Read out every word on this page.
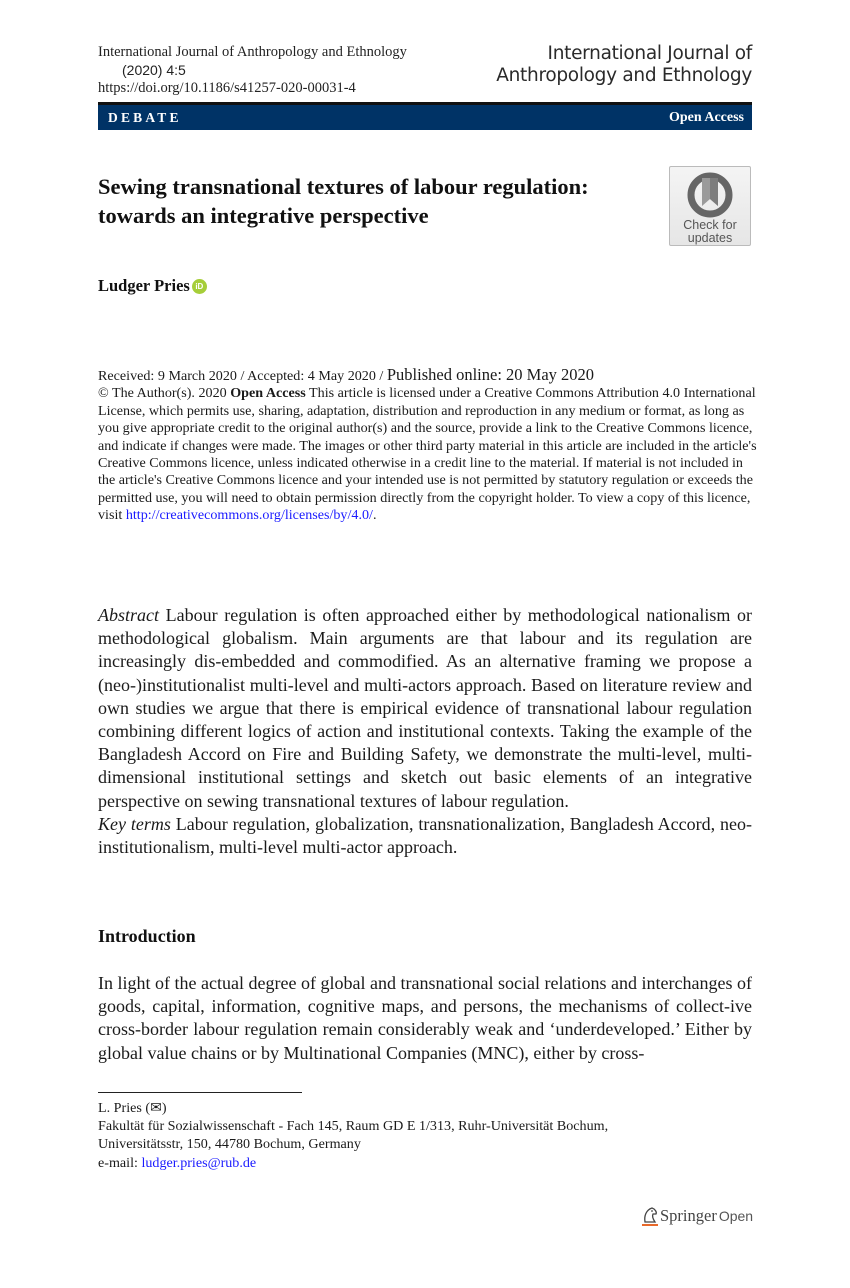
International Journal of Anthropology and Ethnology
(2020) 4:5
https://doi.org/10.1186/s41257-020-00031-4
International Journal of
Anthropology and Ethnology
DEBATE	Open Access
Sewing transnational textures of labour regulation:
towards an integrative perspective	Check for
updates
Ludger Pries iD
Received: 9 March 2020 / Accepted: 4 May 2020 / Published online: 20 May 2020
© The Author(s). 2020 Open Access This article is licensed under a Creative Commons Attribution 4.0 International License, which permits use, sharing, adaptation, distribution and reproduction in any medium or format, as long as you give appropriate credit to the original author(s) and the source, provide a link to the Creative Commons licence, and indicate if changes were made. The images or other third party material in this article are included in the article's Creative Commons licence, unless indicated otherwise in a credit line to the material. If material is not included in the article's Creative Commons licence and your intended use is not permitted by statutory regulation or exceeds the permitted use, you will need to obtain permission directly from the copyright holder. To view a copy of this licence, visit http://creativecommons.org/licenses/by/4.0/.

Abstract Labour regulation is often approached either by methodological nationalism or methodological globalism. Main arguments are that labour and its regulation are increasingly dis-embedded and commodified. As an alternative framing we propose a (neo-)institutionalist multi-level and multi-actors approach. Based on literature review and own studies we argue that there is empirical evidence of transnational labour regulation combining different logics of action and institutional contexts. Taking the example of the Bangladesh Accord on Fire and Building Safety, we demonstrate the multi-level, multi-dimensional institutional settings and sketch out basic elements of an integrative perspective on sewing transnational textures of labour regulation.

Key terms Labour regulation, globalization, transnationalization, Bangladesh Accord, neo-institutionalism, multi-level multi-actor approach.

Introduction
In light of the actual degree of global and transnational social relations and interchanges of goods, capital, information, cognitive maps, and persons, the mechanisms of collect-ive cross-border labour regulation remain considerably weak and ‘underdeveloped.’ Either by global value chains or by Multinational Companies (MNC), either by cross-
L. Pries (✉)
Fakultät für Sozialwissenschaft - Fach 145, Raum GD E 1/313, Ruhr-Universität Bochum,
Universitätsstr, 150, 44780 Bochum, Germany
e-mail: ludger.pries@rub.de
Springer Open
